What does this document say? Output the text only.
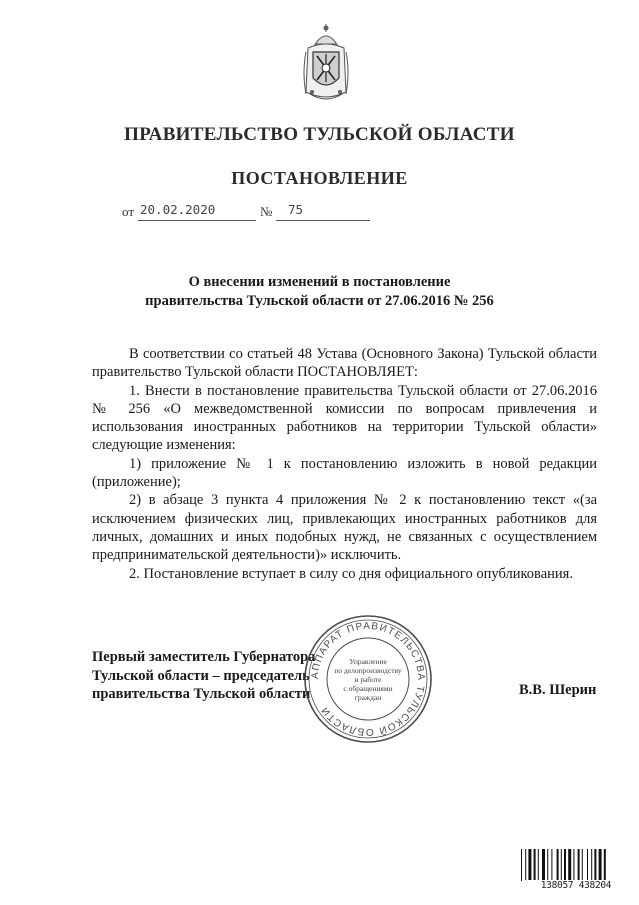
ПРАВИТЕЛЬСТВО ТУЛЬСКОЙ ОБЛАСТИ
ПОСТАНОВЛЕНИЕ
от 20.02.2020	№ 75
О внесении изменений в постановление
правительства Тульской области от 27.06.2016 № 256

В соответствии со статьей 48 Устава (Основного Закона) Тульской области правительство Тульской области ПОСТАНОВЛЯЕТ:

1. Внести в постановление правительства Тульской области от 27.06.2016 № 256 «О межведомственной комиссии по вопросам привлечения и использования иностранных работников на территории Тульской области» следующие изменения:

1) приложение № 1 к постановлению изложить в новой редакции (приложение);

2) в абзаце 3 пункта 4 приложения № 2 к постановлению текст «(за исключением физических лиц, привлекающих иностранных работников для личных, домашних и иных подобных нужд, не связанных с осуществлением предпринимательской деятельности)» исключить.

2. Постановление вступает в силу со дня официального опубликования.

Первый заместитель Губернатора
Тульской области – председатель
правительства Тульской области	В.В. Шерин
АППАРАТ ПРАВИТЕЛЬСТВА ТУЛЬСКОЙ ОБЛАСТИ
Управление
по делопроизводству
и работе
с обращениями
граждан
138057 438204
